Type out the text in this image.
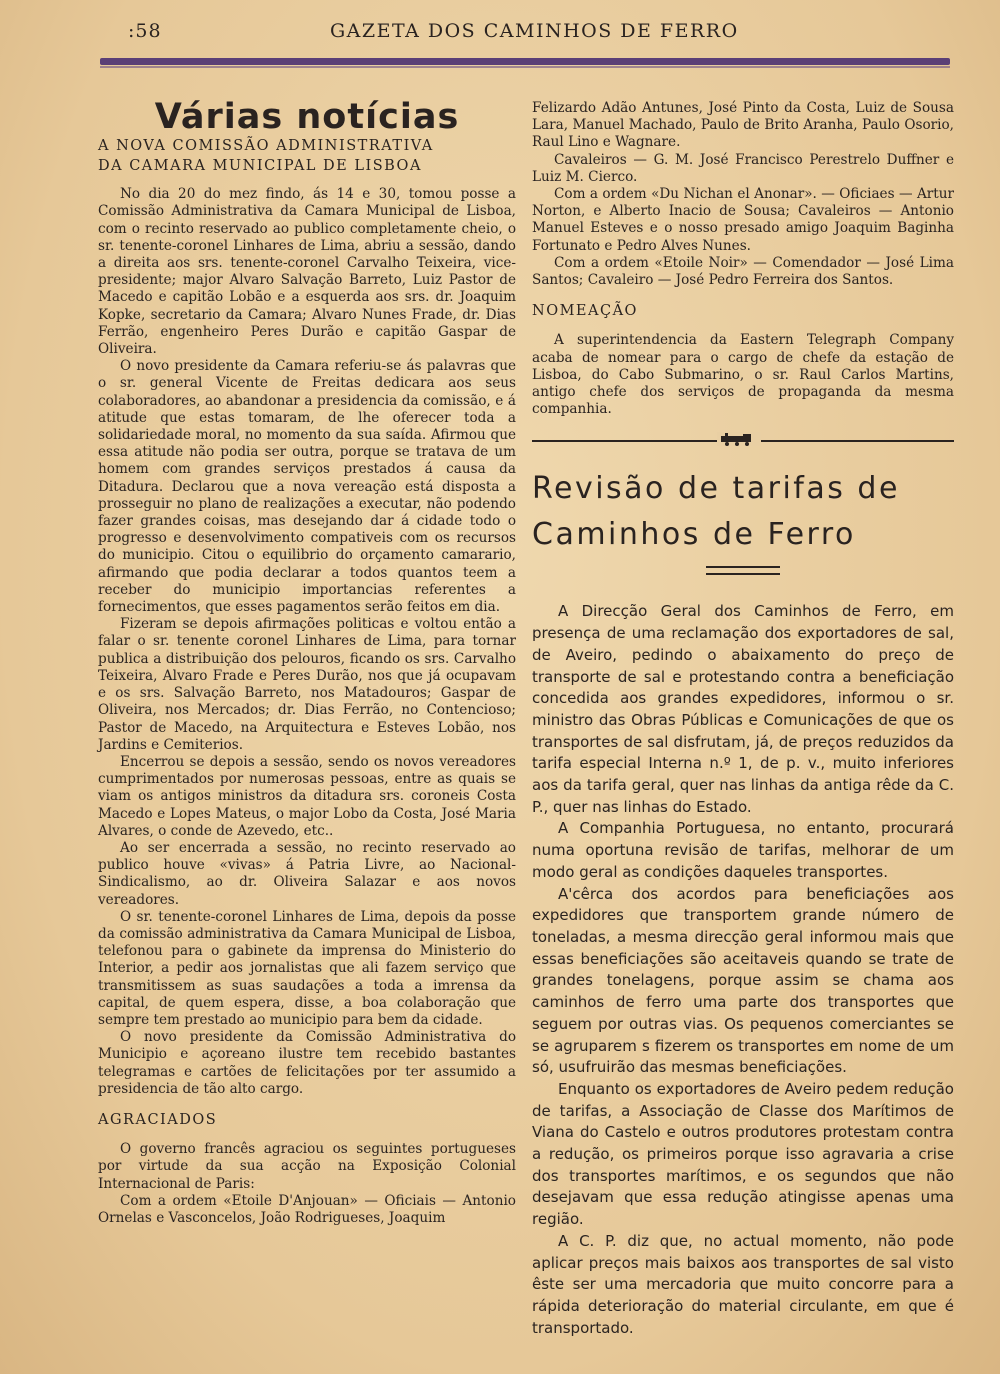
:58	GAZETA DOS CAMINHOS DE FERRO
Várias notícias
A NOVA COMISSÃO ADMINISTRATIVA
DA CAMARA MUNICIPAL DE LISBOA

No dia 20 do mez findo, ás 14 e 30, tomou posse a Comissão Administrativa da Camara Municipal de Lisboa, com o recinto reservado ao publico completamente cheio, o sr. tenente-coronel Linhares de Lima, abriu a sessão, dando a direita aos srs. tenente-coronel Carvalho Teixeira, vice-presidente; major Alvaro Salvação Barreto, Luiz Pastor de Macedo e capitão Lobão e a esquerda aos srs. dr. Joaquim Kopke, secretario da Camara; Alvaro Nunes Frade, dr. Dias Ferrão, engenheiro Peres Durão e capitão Gaspar de Oliveira.

O novo presidente da Camara referiu-se ás palavras que o sr. general Vicente de Freitas dedicara aos seus colaboradores, ao abandonar a presidencia da comissão, e á atitude que estas tomaram, de lhe oferecer toda a solidariedade moral, no momento da sua saída. Afirmou que essa atitude não podia ser outra, porque se tratava de um homem com grandes serviços prestados á causa da Ditadura. Declarou que a nova vereação está disposta a prosseguir no plano de realizações a executar, não podendo fazer grandes coisas, mas desejando dar á cidade todo o progresso e desenvolvimento compativeis com os recursos do municipio. Citou o equilibrio do orçamento camarario, afirmando que podia declarar a todos quantos teem a receber do municipio importancias referentes a fornecimentos, que esses pagamentos serão feitos em dia.

Fizeram se depois afirmações politicas e voltou então a falar o sr. tenente coronel Linhares de Lima, para tornar publica a distribuição dos pelouros, ficando os srs. Carvalho Teixeira, Alvaro Frade e Peres Durão, nos que já ocupavam e os srs. Salvação Barreto, nos Matadouros; Gaspar de Oliveira, nos Mercados; dr. Dias Ferrão, no Contencioso; Pastor de Macedo, na Arquitectura e Esteves Lobão, nos Jardins e Cemiterios.

Encerrou se depois a sessão, sendo os novos vereadores cumprimentados por numerosas pessoas, entre as quais se viam os antigos ministros da ditadura srs. coroneis Costa Macedo e Lopes Mateus, o major Lobo da Costa, José Maria Alvares, o conde de Azevedo, etc..

Ao ser encerrada a sessão, no recinto reservado ao publico houve «vivas» á Patria Livre, ao Nacional-Sindicalismo, ao dr. Oliveira Salazar e aos novos vereadores.

O sr. tenente-coronel Linhares de Lima, depois da posse da comissão administrativa da Camara Municipal de Lisboa, telefonou para o gabinete da imprensa do Ministerio do Interior, a pedir aos jornalistas que ali fazem serviço que transmitissem as suas saudações a toda a imrensa da capital, de quem espera, disse, a boa colaboração que sempre tem prestado ao municipio para bem da cidade.

O novo presidente da Comissão Administrativa do Municipio e açoreano ilustre tem recebido bastantes telegramas e cartões de felicitações por ter assumido a presidencia de tão alto cargo.

AGRACIADOS

O governo francês agraciou os seguintes portugueses por virtude da sua acção na Exposição Colonial Internacional de Paris:

Com a ordem «Etoile D'Anjouan» — Oficiais — Antonio Ornelas e Vasconcelos, João Rodrigueses, Joaquim

Felizardo Adão Antunes, José Pinto da Costa, Luiz de Sousa Lara, Manuel Machado, Paulo de Brito Aranha, Paulo Osorio, Raul Lino e Wagnare.

Cavaleiros — G. M. José Francisco Perestrelo Duffner e Luiz M. Cierco.

Com a ordem «Du Nichan el Anonar». — Oficiaes — Artur Norton, e Alberto Inacio de Sousa; Cavaleiros — Antonio Manuel Esteves e o nosso presado amigo Joaquim Baginha Fortunato e Pedro Alves Nunes.

Com a ordem «Etoile Noir» — Comendador — José Lima Santos; Cavaleiro — José Pedro Ferreira dos Santos.

NOMEAÇÃO

A superintendencia da Eastern Telegraph Company acaba de nomear para o cargo de chefe da estação de Lisboa, do Cabo Submarino, o sr. Raul Carlos Martins, antigo chefe dos serviços de propaganda da mesma companhia.

Revisão de tarifas de
Caminhos de Ferro

A Direcção Geral dos Caminhos de Ferro, em presença de uma reclamação dos exportadores de sal, de Aveiro, pedindo o abaixamento do preço de transporte de sal e protestando contra a beneficiação concedida aos grandes expedidores, informou o sr. ministro das Obras Públicas e Comunicações de que os transportes de sal disfrutam, já, de preços reduzidos da tarifa especial Interna n.º 1, de p. v., muito inferiores aos da tarifa geral, quer nas linhas da antiga rêde da C. P., quer nas linhas do Estado.

A Companhia Portuguesa, no entanto, procurará numa oportuna revisão de tarifas, melhorar de um modo geral as condições daqueles transportes.

A'cêrca dos acordos para beneficiações aos expedidores que transportem grande número de toneladas, a mesma direcção geral informou mais que essas beneficiações são aceitaveis quando se trate de grandes tonelagens, porque assim se chama aos caminhos de ferro uma parte dos transportes que seguem por outras vias. Os pequenos comerciantes se se agruparem s fizerem os transportes em nome de um só, usufruirão das mesmas beneficiações.

Enquanto os exportadores de Aveiro pedem redução de tarifas, a Associação de Classe dos Marítimos de Viana do Castelo e outros produtores protestam contra a redução, os primeiros porque isso agravaria a crise dos transportes marítimos, e os segundos que não desejavam que essa redução atingisse apenas uma região.

A C. P. diz que, no actual momento, não pode aplicar preços mais baixos aos transportes de sal visto êste ser uma mercadoria que muito concorre para a rápida deterioração do material circulante, em que é transportado.
